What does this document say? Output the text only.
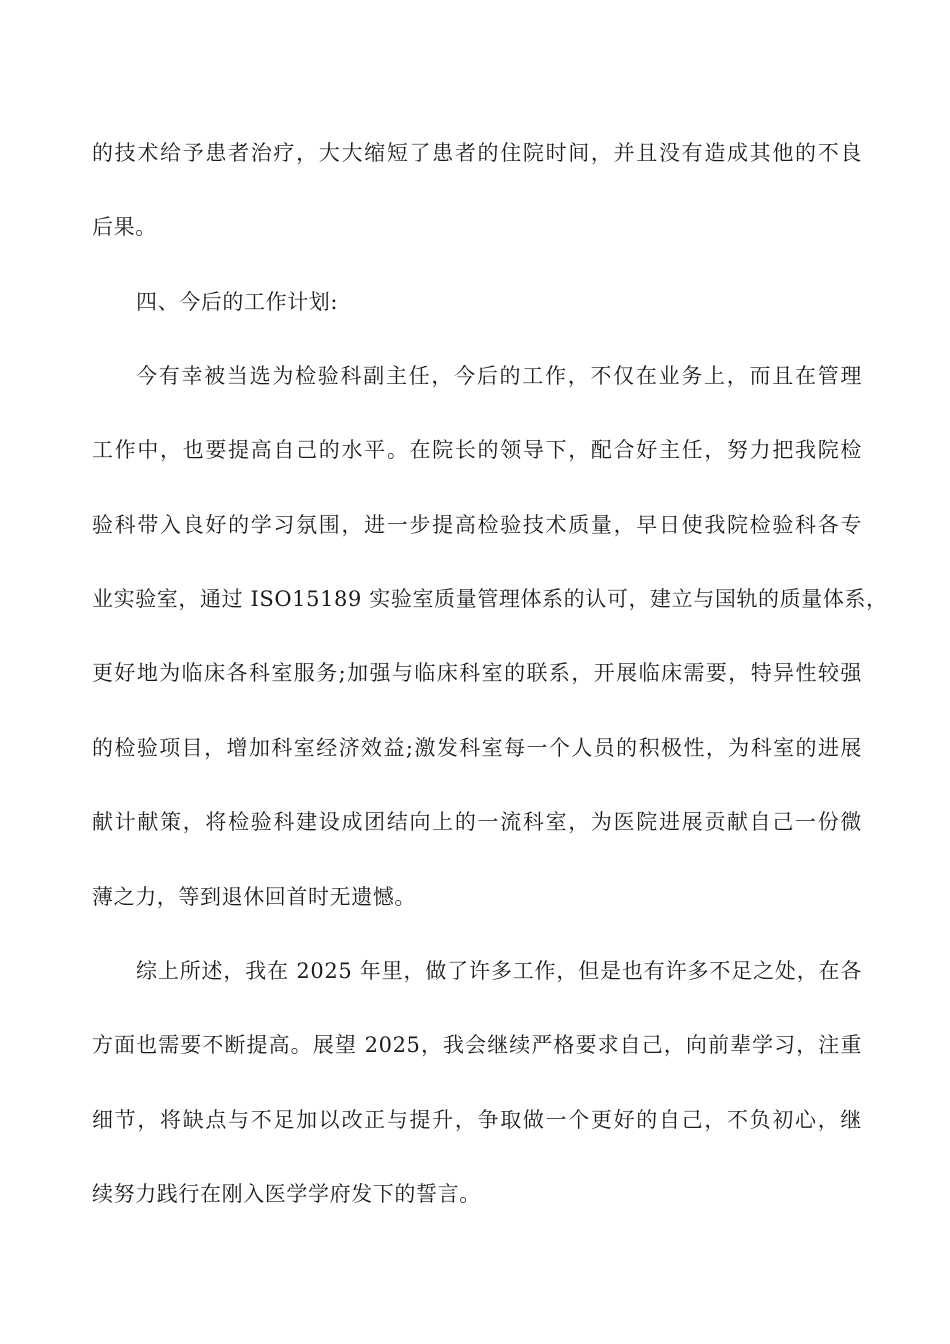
的技术给予患者治疗，大大缩短了患者的住院时间，并且没有造成其他的不良
后果。
四、今后的工作计划:
今有幸被当选为检验科副主任，今后的工作，不仅在业务上，而且在管理
工作中，也要提高自己的水平。在院长的领导下，配合好主任，努力把我院检
验科带入良好的学习氛围，进一步提高检验技术质量，早日使我院检验科各专
业实验室，通过 ISO15189 实验室质量管理体系的认可，建立与国轨的质量体系，
更好地为临床各科室服务;加强与临床科室的联系，开展临床需要，特异性较强
的检验项目，增加科室经济效益;激发科室每一个人员的积极性，为科室的进展
献计献策，将检验科建设成团结向上的一流科室，为医院进展贡献自己一份微
薄之力，等到退休回首时无遗憾。
综上所述，我在 2025 年里，做了许多工作，但是也有许多不足之处，在各
方面也需要不断提高。展望 2025，我会继续严格要求自己，向前辈学习，注重
细节，将缺点与不足加以改正与提升，争取做一个更好的自己，不负初心，继
续努力践行在刚入医学学府发下的誓言。
